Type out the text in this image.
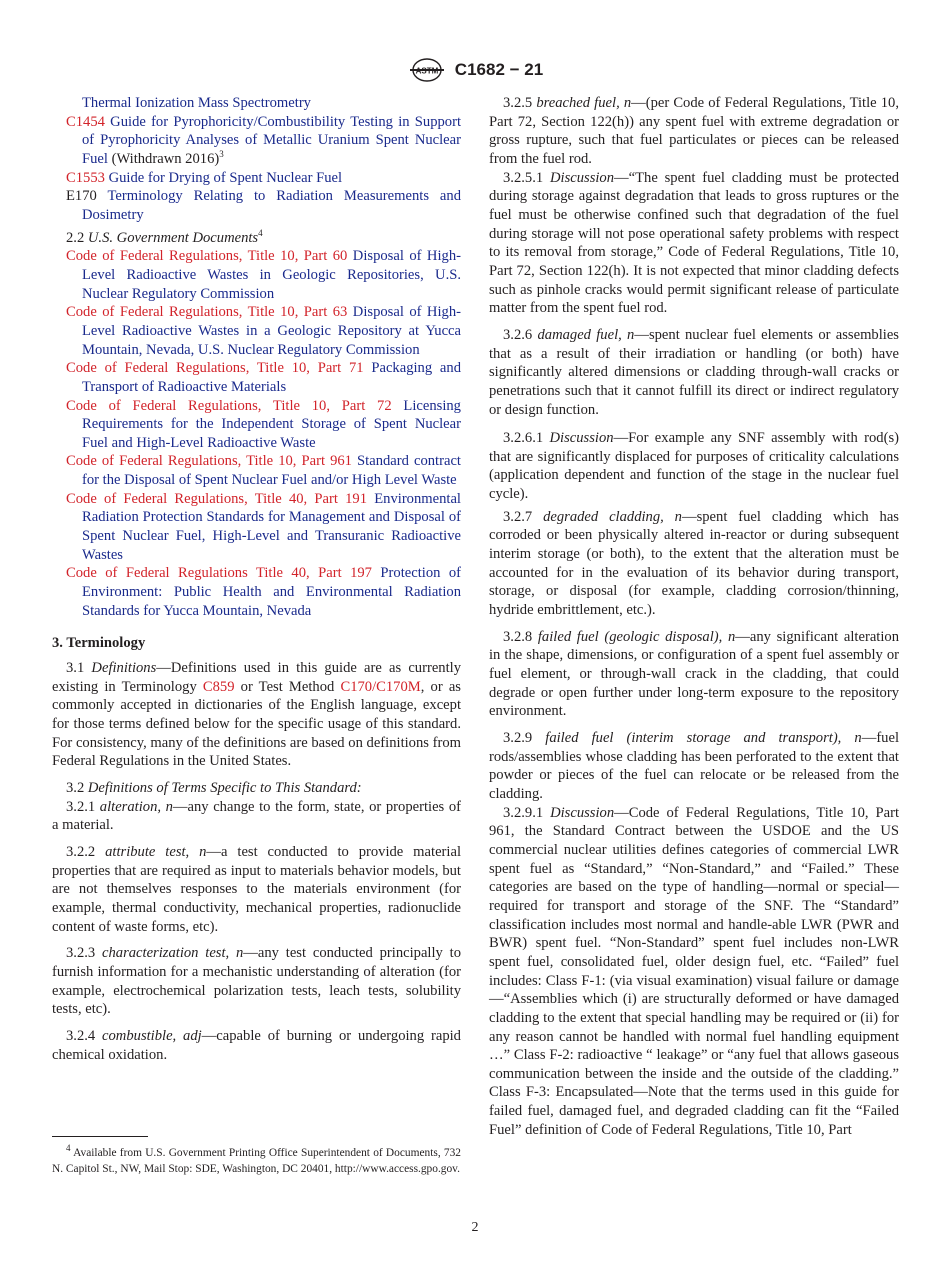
ASTM C1682 − 21

Thermal Ionization Mass Spectrometry

C1454 Guide for Pyrophoricity/Combustibility Testing in Support of Pyrophoricity Analyses of Metallic Uranium Spent Nuclear Fuel (Withdrawn 2016)$^3$

C1553 Guide for Drying of Spent Nuclear Fuel

E170 Terminology Relating to Radiation Measurements and Dosimetry

2.2 U.S. Government Documents$^4$

Code of Federal Regulations, Title 10, Part 60 Disposal of High-Level Radioactive Wastes in Geologic Repositories, U.S. Nuclear Regulatory Commission

Code of Federal Regulations, Title 10, Part 63 Disposal of High-Level Radioactive Wastes in a Geologic Repository at Yucca Mountain, Nevada, U.S. Nuclear Regulatory Commission

Code of Federal Regulations, Title 10, Part 71 Packaging and Transport of Radioactive Materials

Code of Federal Regulations, Title 10, Part 72 Licensing Requirements for the Independent Storage of Spent Nuclear Fuel and High-Level Radioactive Waste

Code of Federal Regulations, Title 10, Part 961 Standard contract for the Disposal of Spent Nuclear Fuel and/or High Level Waste

Code of Federal Regulations, Title 40, Part 191 Environmental Radiation Protection Standards for Management and Disposal of Spent Nuclear Fuel, High-Level and Transuranic Radioactive Wastes

Code of Federal Regulations Title 40, Part 197 Protection of Environment: Public Health and Environmental Radiation Standards for Yucca Mountain, Nevada

3. Terminology

3.1 Definitions—Definitions used in this guide are as currently existing in Terminology C859 or Test Method C170/C170M, or as commonly accepted in dictionaries of the English language, except for those terms defined below for the specific usage of this standard. For consistency, many of the definitions are based on definitions from Federal Regulations in the United States.

3.2 Definitions of Terms Specific to This Standard:

3.2.1 alteration, n—any change to the form, state, or properties of a material.

3.2.2 attribute test, n—a test conducted to provide material properties that are required as input to materials behavior models, but are not themselves responses to the materials environment (for example, thermal conductivity, mechanical properties, radionuclide content of waste forms, etc).

3.2.3 characterization test, n—any test conducted principally to furnish information for a mechanistic understanding of alteration (for example, electrochemical polarization tests, leach tests, solubility tests, etc).

3.2.4 combustible, adj—capable of burning or undergoing rapid chemical oxidation.

3.2.5 breached fuel, n—(per Code of Federal Regulations, Title 10, Part 72, Section 122(h)) any spent fuel with extreme degradation or gross rupture, such that fuel particulates or pieces can be released from the fuel rod.

3.2.5.1 Discussion—“The spent fuel cladding must be protected during storage against degradation that leads to gross ruptures or the fuel must be otherwise confined such that degradation of the fuel during storage will not pose operational safety problems with respect to its removal from storage,” Code of Federal Regulations, Title 10, Part 72, Section 122(h). It is not expected that minor cladding defects such as pinhole cracks would permit significant release of particulate matter from the spent fuel rod.

3.2.6 damaged fuel, n—spent nuclear fuel elements or assemblies that as a result of their irradiation or handling (or both) have significantly altered dimensions or cladding through-wall cracks or penetrations such that it cannot fulfill its direct or indirect regulatory or design function.

3.2.6.1 Discussion—For example any SNF assembly with rod(s) that are significantly displaced for purposes of criticality calculations (application dependent and function of the stage in the nuclear fuel cycle).

3.2.7 degraded cladding, n—spent fuel cladding which has corroded or been physically altered in-reactor or during subsequent interim storage (or both), to the extent that the alteration must be accounted for in the evaluation of its behavior during transport, storage, or disposal (for example, cladding corrosion/thinning, hydride embrittlement, etc.).

3.2.8 failed fuel (geologic disposal), n—any significant alteration in the shape, dimensions, or configuration of a spent fuel assembly or fuel element, or through-wall crack in the cladding, that could degrade or open further under long-term exposure to the repository environment.

3.2.9 failed fuel (interim storage and transport), n—fuel rods/assemblies whose cladding has been perforated to the extent that powder or pieces of the fuel can relocate or be released from the cladding.

3.2.9.1 Discussion—Code of Federal Regulations, Title 10, Part 961, the Standard Contract between the USDOE and the US commercial nuclear utilities defines categories of commercial LWR spent fuel as “Standard,” “Non-Standard,” and “Failed.” These categories are based on the type of handling—normal or special—required for transport and storage of the SNF. The “Standard” classification includes most normal and handle-able LWR (PWR and BWR) spent fuel. “Non-Standard” spent fuel includes non-LWR spent fuel, consolidated fuel, older design fuel, etc. “Failed” fuel includes: Class F-1: (via visual examination) visual failure or damage—“Assemblies which (i) are structurally deformed or have damaged cladding to the extent that special handling may be required or (ii) for any reason cannot be handled with normal fuel handling equipment …” Class F-2: radioactive “ leakage” or “any fuel that allows gaseous communication between the inside and the outside of the cladding.” Class F-3: Encapsulated—Note that the terms used in this guide for failed fuel, damaged fuel, and degraded cladding can fit the “Failed Fuel” definition of Code of Federal Regulations, Title 10, Part

$^4$ Available from U.S. Government Printing Office Superintendent of Documents, 732 N. Capitol St., NW, Mail Stop: SDE, Washington, DC 20401, http://www.access.gpo.gov.

2
